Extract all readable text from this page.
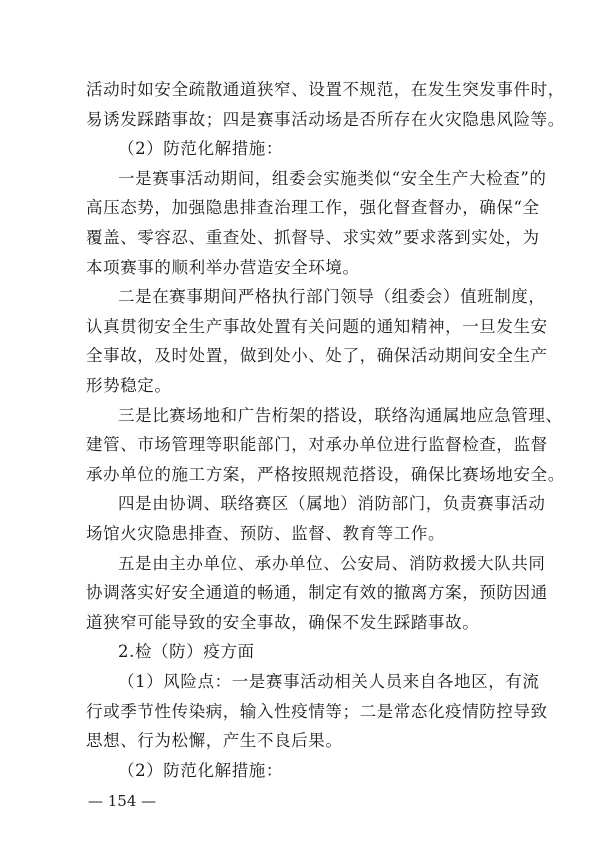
活动时如安全疏散通道狭窄、设置不规范，在发生突发事件时，
易诱发踩踏事故；四是赛事活动场是否所存在火灾隐患风险等。
（2）防范化解措施：
一是赛事活动期间，组委会实施类似“安全生产大检查”的
高压态势，加强隐患排查治理工作，强化督查督办，确保“全
覆盖、零容忍、重查处、抓督导、求实效”要求落到实处，为
本项赛事的顺利举办营造安全环境。
二是在赛事期间严格执行部门领导（组委会）值班制度，
认真贯彻安全生产事故处置有关问题的通知精神，一旦发生安
全事故，及时处置，做到处小、处了，确保活动期间安全生产
形势稳定。
三是比赛场地和广告桁架的搭设，联络沟通属地应急管理、
建管、市场管理等职能部门，对承办单位进行监督检查，监督
承办单位的施工方案，严格按照规范搭设，确保比赛场地安全。
四是由协调、联络赛区（属地）消防部门，负责赛事活动
场馆火灾隐患排查、预防、监督、教育等工作。
五是由主办单位、承办单位、公安局、消防救援大队共同
协调落实好安全通道的畅通，制定有效的撤离方案，预防因通
道狭窄可能导致的安全事故，确保不发生踩踏事故。
2.检（防）疫方面
（1）风险点：一是赛事活动相关人员来自各地区，有流
行或季节性传染病，输入性疫情等；二是常态化疫情防控导致
思想、行为松懈，产生不良后果。
（2）防范化解措施：
— 154 —
